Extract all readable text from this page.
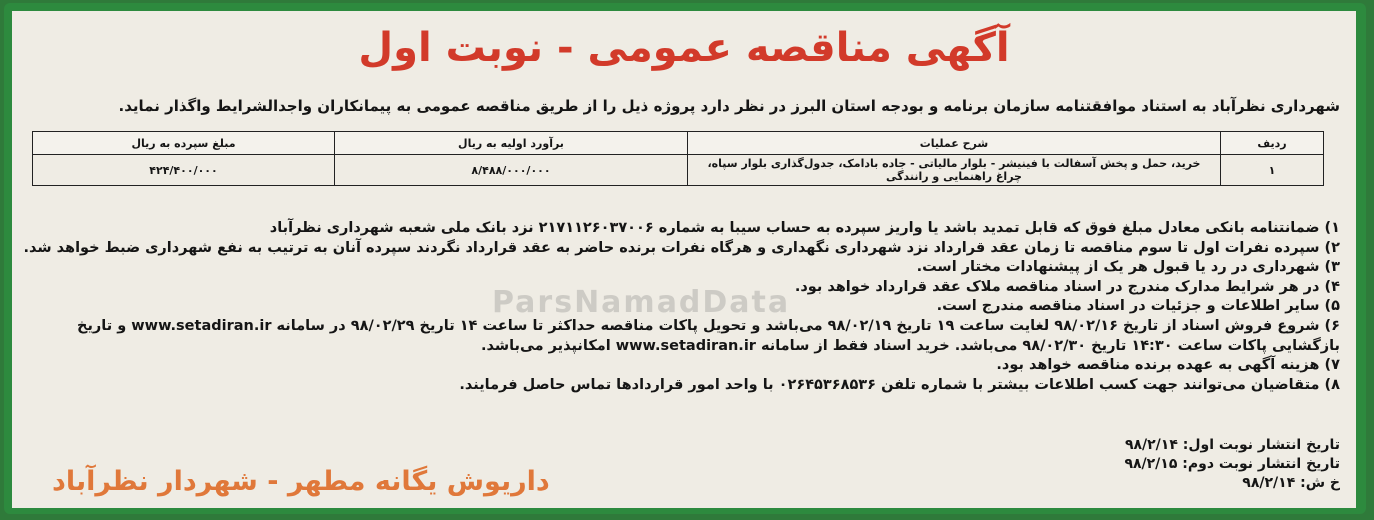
ParsNamadData
آگهی مناقصه عمومی - نوبت اول
شهرداری نظرآباد به استناد موافقتنامه سازمان برنامه و بودجه استان البرز در نظر دارد پروژه ذیل را از طریق مناقصه عمومی به پیمانکاران واجدالشرایط واگذار نماید.
ردیف	شرح عملیات	برآورد اولیه به ریال	مبلغ سپرده به ریال
۱	خرید، حمل و پخش آسفالت با فینیشر - بلوار مالیاتی - جاده بادامک، جدول‌گذاری بلوار سپاه، چراغ راهنمایی و رانندگی	۸/۴۸۸/۰۰۰/۰۰۰	۴۲۴/۴۰۰/۰۰۰
۱) ضمانتنامه بانکی معادل مبلغ فوق که قابل تمدید باشد یا واریز سپرده به حساب سیبا به شماره ۲۱۷۱۱۲۶۰۳۷۰۰۶ نزد بانک ملی شعبه شهرداری نظرآباد
۲) سپرده نفرات اول تا سوم مناقصه تا زمان عقد قرارداد نزد شهرداری نگهداری و هرگاه نفرات برنده حاضر به عقد قرارداد نگردند سپرده آنان به ترتیب به نفع شهرداری ضبط خواهد شد.
۳) شهرداری در رد یا قبول هر یک از پیشنهادات مختار است.
۴) در هر شرایط مدارک مندرج در اسناد مناقصه ملاک عقد قرارداد خواهد بود.
۵) سایر اطلاعات و جزئیات در اسناد مناقصه مندرج است.
۶) شروع فروش اسناد از تاریخ ۹۸/۰۲/۱۶ لغایت ساعت ۱۹ تاریخ ۹۸/۰۲/۱۹ می‌باشد و تحویل پاکات مناقصه حداکثر تا ساعت ۱۴ تاریخ ۹۸/۰۲/۲۹ در سامانه www.setadiran.ir و تاریخ بازگشایی پاکات ساعت ۱۴:۳۰ تاریخ ۹۸/۰۲/۳۰ می‌باشد. خرید اسناد فقط از سامانه www.setadiran.ir امکانپذیر می‌باشد.
۷) هزینه آگهی به عهده برنده مناقصه خواهد بود.
۸) متقاضیان می‌توانند جهت کسب اطلاعات بیشتر با شماره تلفن ۰۲۶۴۵۳۶۸۵۳۶ با واحد امور قراردادها تماس حاصل فرمایند.
تاریخ انتشار نوبت اول: ۹۸/۲/۱۴
تاریخ انتشار نوبت دوم: ۹۸/۲/۱۵
خ ش: ۹۸/۲/۱۴
داریوش یگانه مطهر - شهردار نظرآباد
